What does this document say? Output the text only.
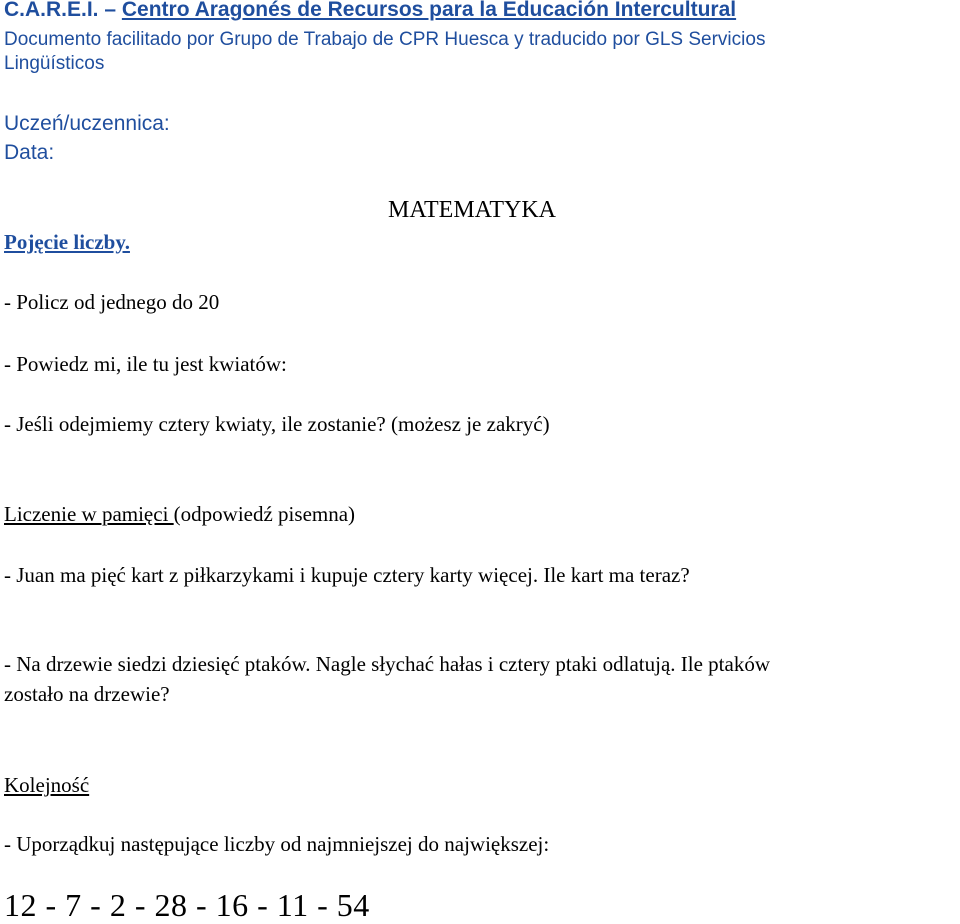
C.A.R.E.I. – Centro Aragonés de Recursos para la Educación Intercultural
Documento facilitado por Grupo de Trabajo de CPR Huesca y traducido por GLS Servicios
Lingüísticos
Uczeń/uczennica:
Data:
MATEMATYKA
Pojęcie liczby.
- Policz od jednego do 20
- Powiedz mi, ile tu jest kwiatów:
- Jeśli odejmiemy cztery kwiaty, ile zostanie? (możesz je zakryć)
Liczenie w pamięci (odpowiedź pisemna)
- Juan ma pięć kart z piłkarzykami i kupuje cztery karty więcej. Ile kart ma teraz?
- Na drzewie siedzi dziesięć ptaków. Nagle słychać hałas i cztery ptaki odlatują. Ile ptaków
zostało na drzewie?
Kolejność
- Uporządkuj następujące liczby od najmniejszej do największej:
12 - 7 - 2 - 28 - 16 - 11 - 54
